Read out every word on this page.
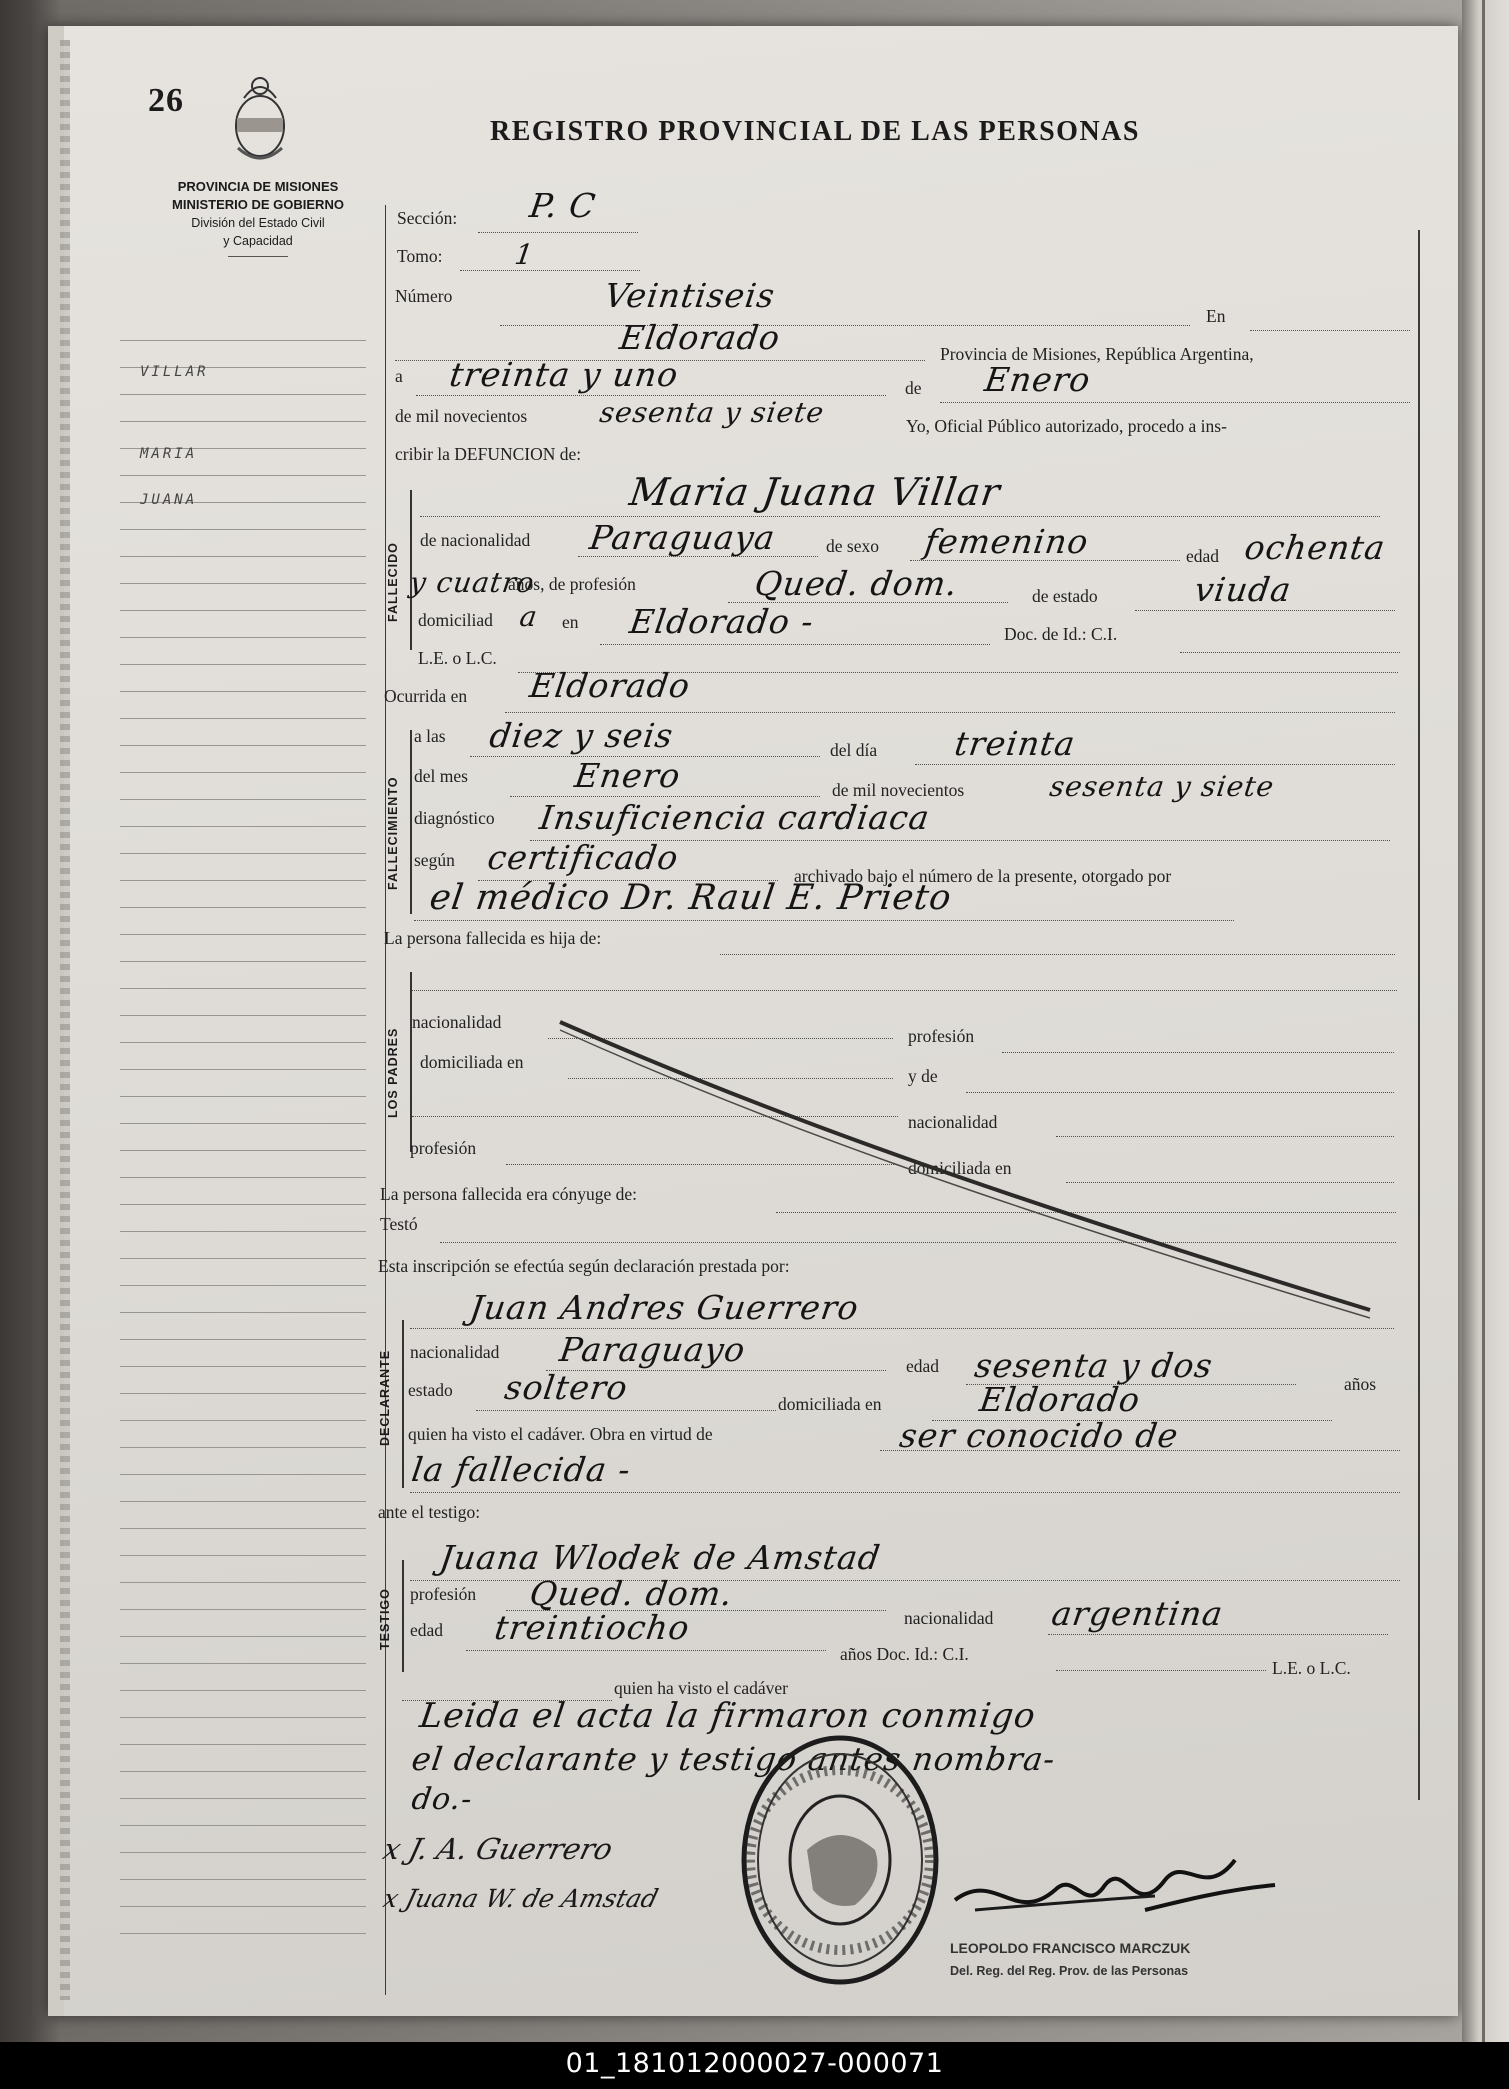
26
REGISTRO PROVINCIAL DE LAS PERSONAS
PROVINCIA DE MISIONES
MINISTERIO DE GOBIERNO
División del Estado Civil
y Capacidad
VILLAR
MARIA
JUANA
Sección: P. C
Tomo:	1
Número	Veintiseis
En
Eldorado	Provincia de Misiones, República Argentina,
a treinta y uno	de Enero
de mil novecientos	sesenta y siete	Yo, Oficial Público autorizado, procedo a ins-
cribir la DEFUNCION de:
FALLECIDO
Maria Juana Villar
de nacionalidad Paraguaya	de sexo femenino	edad ochenta
y cuatro
años, de profesión	Qued. dom.	de estado	viuda
domiciliad a en Eldorado -	Doc. de Id.: C.I.
L.E. o L.C.
Ocurrida en Eldorado
FALLECIMIENTO
a las diez y seis	del día treinta
del mes	Enero	de mil novecientos	sesenta y siete
diagnóstico Insuficiencia cardiaca
según certificado	archivado bajo el número de la presente, otorgado por
el médico Dr. Raul E. Prieto
La persona fallecida es hija de:
LOS PADRES
nacionalidad
profesión
domiciliada en
y de
nacionalidad
profesión
domiciliada en
La persona fallecida era cónyuge de:
Testó
Esta inscripción se efectúa según declaración prestada por:
DECLARANTE
Juan Andres Guerrero
nacionalidad Paraguayo	edad sesenta y dos	años
estado soltero	domiciliada en	Eldorado
quien ha visto el cadáver. Obra en virtud de	ser conocido de
la fallecida -
ante el testigo:
TESTIGO
Juana Wlodek de Amstad
profesión Qued. dom.
nacionalidad argentina
edad treintiocho
años Doc. Id.: C.I.
L.E. o L.C.
quien ha visto el cadáver
Leida el acta la firmaron conmigo
el declarante y testigo antes nombra-
do.-
x J. A. Guerrero
x Juana W. de Amstad
LEOPOLDO FRANCISCO MARCZUK
Del. Reg. del Reg. Prov. de las Personas
01_181012000027-000071
